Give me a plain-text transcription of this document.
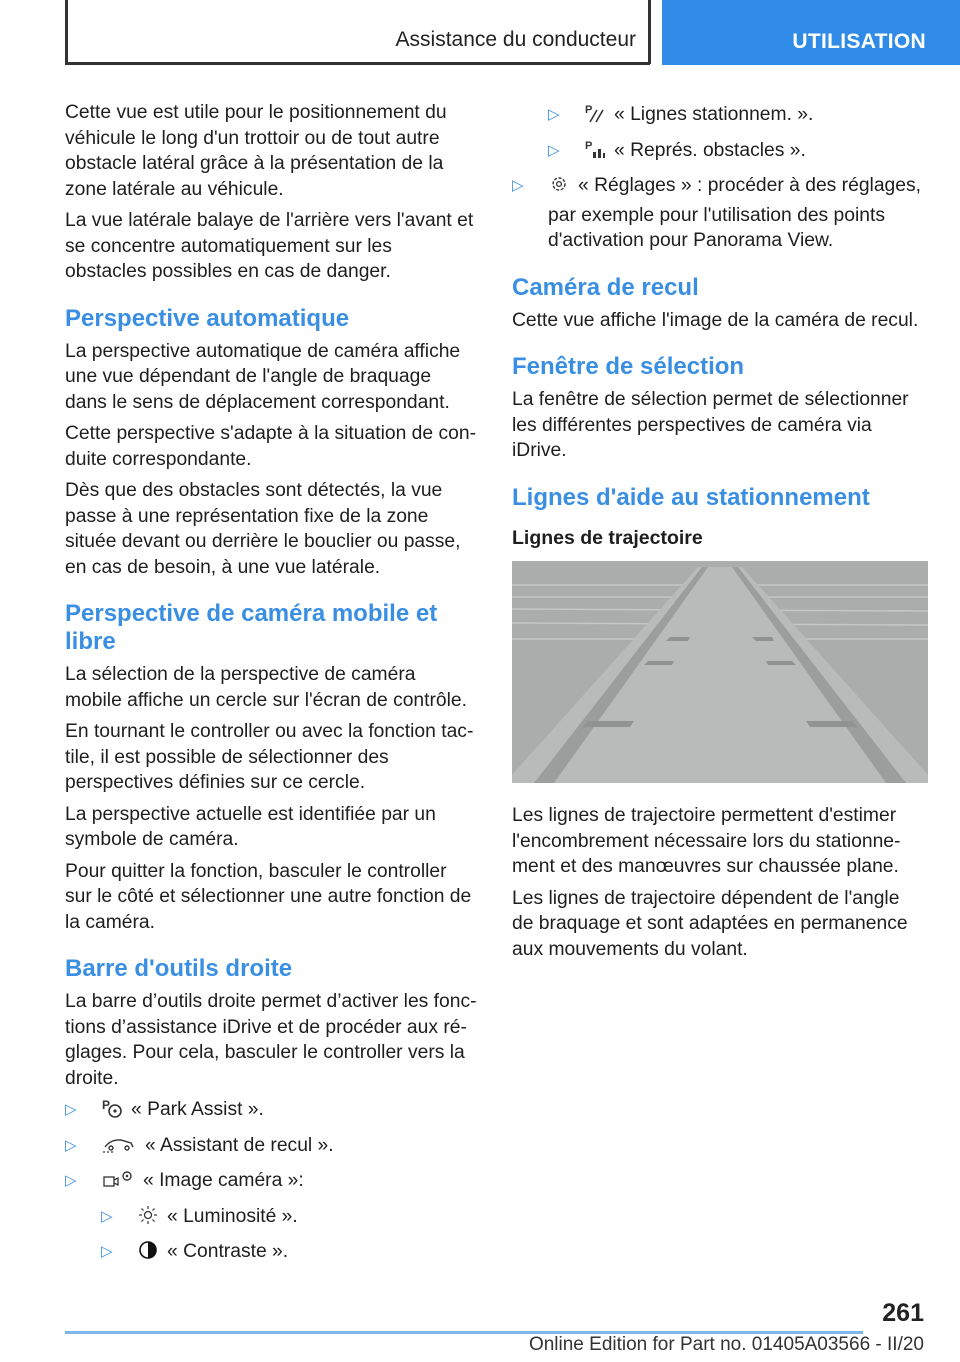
Assistance du conducteur	UTILISATION

Cette vue est utile pour le positionnement du véhicule le long d'un trottoir ou de tout autre obstacle latéral grâce à la présentation de la zone latérale au véhicule.

La vue latérale balaye de l'arrière vers l'avant et se concentre automatiquement sur les obstacles possibles en cas de danger.

Perspective automatique

La perspective automatique de caméra affiche une vue dépendant de l'angle de braquage dans le sens de déplacement correspondant.

Cette perspective s'adapte à la situation de conduite correspondante.

Dès que des obstacles sont détectés, la vue passe à une représentation fixe de la zone située devant ou derrière le bouclier ou passe, en cas de besoin, à une vue latérale.

Perspective de caméra mobile et libre

La sélection de la perspective de caméra mobile affiche un cercle sur l'écran de contrôle.

En tournant le controller ou avec la fonction tactile, il est possible de sélectionner des perspectives définies sur ce cercle.

La perspective actuelle est identifiée par un symbole de caméra.

Pour quitter la fonction, basculer le controller sur le côté et sélectionner une autre fonction de la caméra.

Barre d'outils droite

La barre d’outils droite permet d’activer les fonctions d’assistance iDrive et de procéder aux réglages. Pour cela, basculer le controller vers la droite.

▷ P « Park Assist ».
▷	« Assistant de recul ».
▷	« Image caméra »:
▷	« Luminosité ».
▷	« Contraste ».
▷ P « Lignes stationnem. ».
▷ P « Représ. obstacles ».
▷	« Réglages » : procéder à des réglages, par exemple pour l'utilisation des points d'activation pour Panorama View.
Caméra de recul

Cette vue affiche l'image de la caméra de recul.

Fenêtre de sélection

La fenêtre de sélection permet de sélectionner les différentes perspectives de caméra via iDrive.

Lignes d'aide au stationnement
Lignes de trajectoire

Les lignes de trajectoire permettent d'estimer l'encombrement nécessaire lors du stationnement et des manœuvres sur chaussée plane.

Les lignes de trajectoire dépendent de l'angle de braquage et sont adaptées en permanence aux mouvements du volant.

261
Online Edition for Part no. 01405A03566 - II/20
